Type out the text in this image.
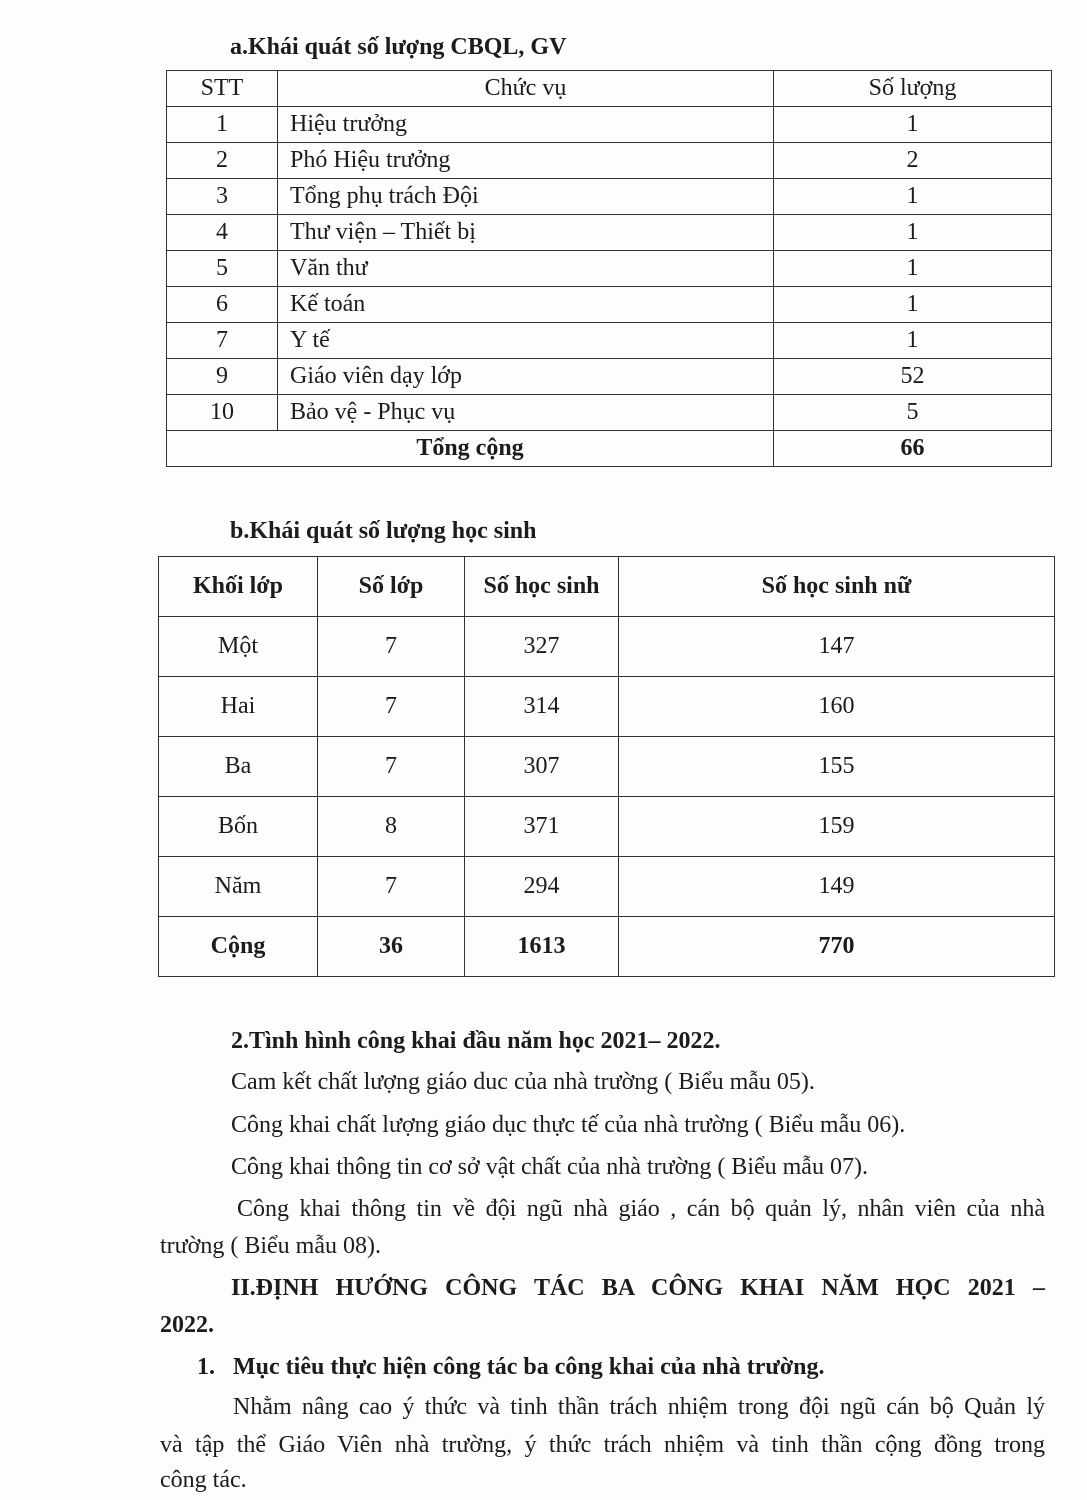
a.Khái quát số lượng CBQL, GV
STT	Chức vụ	Số lượng
1	Hiệu trưởng	1
2	Phó Hiệu trưởng	2
3	Tổng phụ trách Đội	1
4	Thư viện – Thiết bị	1
5	Văn thư	1
6	Kế toán	1
7	Y tế	1
9	Giáo viên dạy lớp	52
10	Bảo vệ - Phục vụ	5
Tổng cộng		66
b.Khái quát số lượng học sinh
Khối lớp	Số lớp	Số học sinh	Số học sinh nữ
Một	7	327	147
Hai	7	314	160
Ba	7	307	155
Bốn	8	371	159
Năm	7	294	149
Cộng	36	1613	770
2.Tình hình công khai đầu năm học 2021– 2022.
Cam kết chất lượng giáo duc của nhà trường ( Biểu mẫu 05).
Công khai chất lượng giáo dục thực tế của nhà trường ( Biểu mẫu 06).
Công khai thông tin cơ sở vật chất của nhà trường ( Biểu mẫu 07).
Công khai thông tin về đội ngũ nhà giáo , cán bộ quản lý, nhân viên của nhà
trường ( Biểu mẫu 08).
II.ĐỊNH HƯỚNG CÔNG TÁC BA CÔNG KHAI NĂM HỌC 2021 –
2022.
1. Mục tiêu thực hiện công tác ba công khai của nhà trường.
Nhằm nâng cao ý thức và tinh thần trách nhiệm trong đội ngũ cán bộ Quản lý
và tập thể Giáo Viên nhà trường, ý thức trách nhiệm và tinh thần cộng đồng trong
công tác.
